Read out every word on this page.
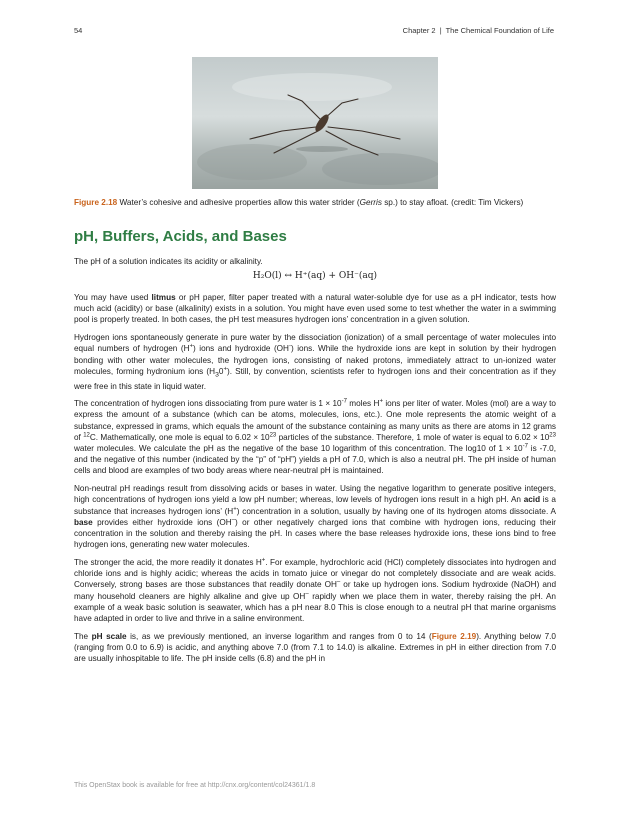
54	Chapter 2 | The Chemical Foundation of Life
Figure 2.18 Water’s cohesive and adhesive properties allow this water strider (Gerris sp.) to stay afloat. (credit: Tim Vickers)
pH, Buffers, Acids, and Bases

The pH of a solution indicates its acidity or alkalinity.

H₂O(l) ↔ H⁺(aq) + OH⁻(aq)

You may have used litmus or pH paper, filter paper treated with a natural water-soluble dye for use as a pH indicator, tests how much acid (acidity) or base (alkalinity) exists in a solution. You might have even used some to test whether the water in a swimming pool is properly treated. In both cases, the pH test measures hydrogen ions’ concentration in a given solution.

Hydrogen ions spontaneously generate in pure water by the dissociation (ionization) of a small percentage of water molecules into equal numbers of hydrogen (H+) ions and hydroxide (OH-) ions. While the hydroxide ions are kept in solution by their hydrogen bonding with other water molecules, the hydrogen ions, consisting of naked protons, immediately attract to un-ionized water molecules, forming hydronium ions $(H_30^+)$. Still, by convention, scientists refer to hydrogen ions and their concentration as if they were free in this state in liquid water.

The concentration of hydrogen ions dissociating from pure water is $1 \times 10^{-7}$ moles H+ ions per liter of water. Moles (mol) are a way to express the amount of a substance (which can be atoms, molecules, ions, etc.). One mole represents the atomic weight of a substance, expressed in grams, which equals the amount of the substance containing as many units as there are atoms in 12 grams of $^{12}$C. Mathematically, one mole is equal to $6.02 \times 10^{23}$ particles of the substance. Therefore, 1 mole of water is equal to $6.02 \times 10^{23}$ water molecules. We calculate the pH as the negative of the base 10 logarithm of this concentration. The log10 of $1 \times 10^{-7}$ is -7.0, and the negative of this number (indicated by the “p” of “pH”) yields a pH of 7.0, which is also a neutral pH. The pH inside of human cells and blood are examples of two body areas where near-neutral pH is maintained.

Non-neutral pH readings result from dissolving acids or bases in water. Using the negative logarithm to generate positive integers, high concentrations of hydrogen ions yield a low pH number; whereas, low levels of hydrogen ions result in a high pH. An acid is a substance that increases hydrogen ions’ (H+) concentration in a solution, usually by having one of its hydrogen atoms dissociate. A base provides either hydroxide ions (OH–) or other negatively charged ions that combine with hydrogen ions, reducing their concentration in the solution and thereby raising the pH. In cases where the base releases hydroxide ions, these ions bind to free hydrogen ions, generating new water molecules.

The stronger the acid, the more readily it donates H+. For example, hydrochloric acid (HCl) completely dissociates into hydrogen and chloride ions and is highly acidic; whereas the acids in tomato juice or vinegar do not completely dissociate and are weak acids. Conversely, strong bases are those substances that readily donate OH– or take up hydrogen ions. Sodium hydroxide (NaOH) and many household cleaners are highly alkaline and give up OH– rapidly when we place them in water, thereby raising the pH. An example of a weak basic solution is seawater, which has a pH near 8.0 This is close enough to a neutral pH that marine organisms have adapted in order to live and thrive in a saline environment.

The pH scale is, as we previously mentioned, an inverse logarithm and ranges from 0 to 14 (Figure 2.19). Anything below 7.0 (ranging from 0.0 to 6.9) is acidic, and anything above 7.0 (from 7.1 to 14.0) is alkaline. Extremes in pH in either direction from 7.0 are usually inhospitable to life. The pH inside cells (6.8) and the pH in

This OpenStax book is available for free at http://cnx.org/content/col24361/1.8
